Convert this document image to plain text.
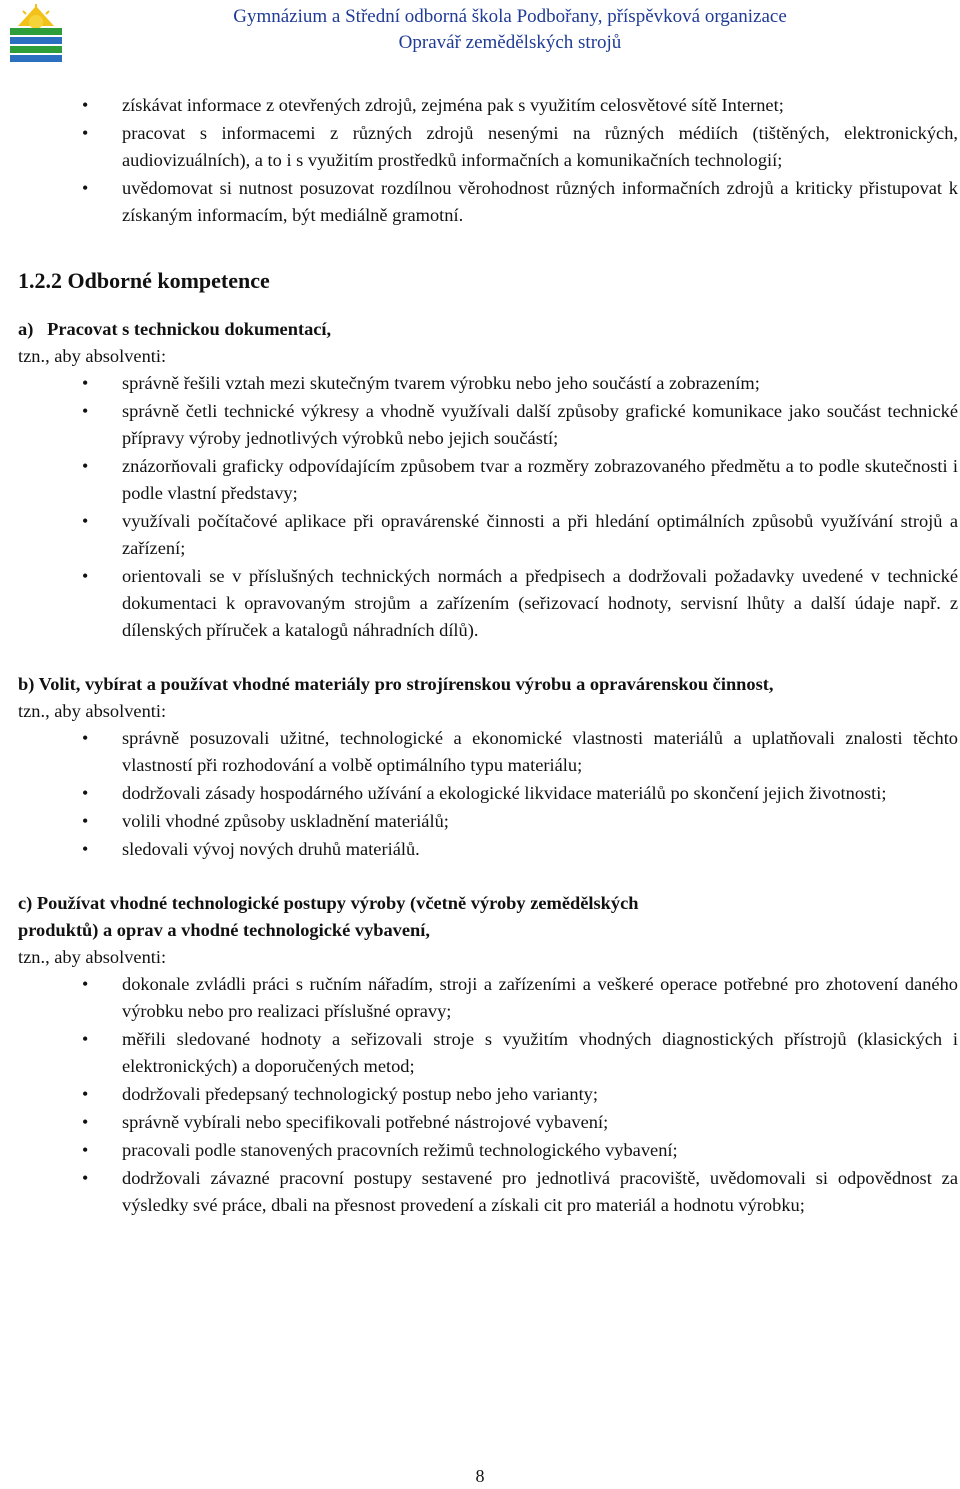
Gymnázium a Střední odborná škola Podbořany, příspěvková organizace
Opravář zemědělských strojů
• získávat informace z otevřených zdrojů, zejména pak s využitím celosvětové sítě Internet;
• pracovat s informacemi z různých zdrojů nesenými na různých médiích (tištěných, elektronických, audiovizuálních), a to i s využitím prostředků informačních a komunikačních technologií;
• uvědomovat si nutnost posuzovat rozdílnou věrohodnost různých informačních zdrojů a kriticky přistupovat k získaným informacím, být mediálně gramotní.
1.2.2 Odborné kompetence
a)   Pracovat s technickou dokumentací,
tzn., aby absolventi:
• správně řešili vztah mezi skutečným tvarem výrobku nebo jeho součástí a zobrazením;
• správně četli technické výkresy a vhodně využívali další způsoby grafické komunikace jako součást technické přípravy výroby jednotlivých výrobků nebo jejich součástí;
• znázorňovali graficky odpovídajícím způsobem tvar a rozměry zobrazovaného předmětu a to podle skutečnosti i podle vlastní představy;
• využívali počítačové aplikace při opravárenské činnosti a při hledání optimálních způsobů využívání strojů a zařízení;
• orientovali se v příslušných technických normách a předpisech a dodržovali požadavky uvedené v technické dokumentaci k opravovaným strojům a zařízením (seřizovací hodnoty, servisní lhůty a další údaje např. z dílenských příruček a katalogů náhradních dílů).
b) Volit, vybírat a používat vhodné materiály pro strojírenskou výrobu a opravárenskou činnost,
tzn., aby absolventi:
• správně posuzovali užitné, technologické a ekonomické vlastnosti materiálů a uplatňovali znalosti těchto vlastností při rozhodování a volbě optimálního typu materiálu;
• dodržovali zásady hospodárného užívání a ekologické likvidace materiálů po skončení jejich životnosti;
• volili vhodné způsoby uskladnění materiálů;
• sledovali vývoj nových druhů materiálů.
c) Používat vhodné technologické postupy výroby (včetně výroby zemědělských
produktů) a oprav a vhodné technologické vybavení,
tzn., aby absolventi:
• dokonale zvládli práci s ručním nářadím, stroji a zařízeními a veškeré operace potřebné pro zhotovení daného výrobku nebo pro realizaci příslušné opravy;
• měřili sledované hodnoty a seřizovali stroje s využitím vhodných diagnostických přístrojů (klasických i elektronických) a doporučených metod;
• dodržovali předepsaný technologický postup nebo jeho varianty;
• správně vybírali nebo specifikovali potřebné nástrojové vybavení;
• pracovali podle stanovených pracovních režimů technologického vybavení;
• dodržovali závazné pracovní postupy sestavené pro jednotlivá pracoviště, uvědomovali si odpovědnost za výsledky své práce, dbali na přesnost provedení a získali cit pro materiál a hodnotu výrobku;
8
